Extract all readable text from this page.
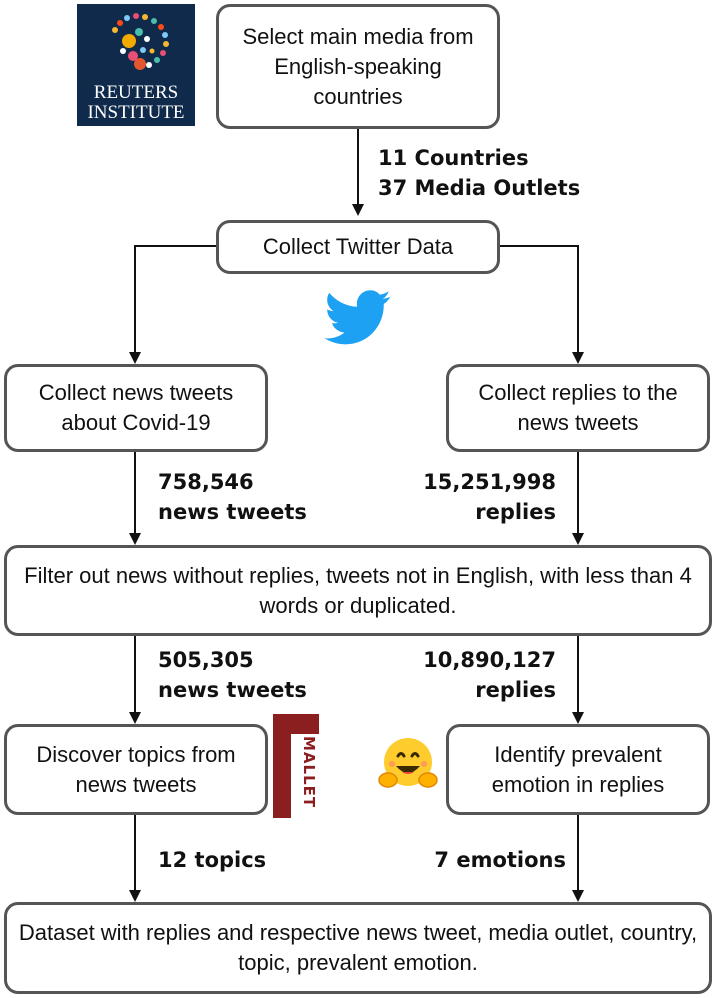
REUTERS
INSTITUTE
Select main media from English-speaking countries
11 Countries
37 Media Outlets
Collect Twitter Data
Collect news tweets about Covid-19
Collect replies to the news tweets
758,546
news tweets
15,251,998
replies
Filter out news without replies, tweets not in English, with less than 4 words or duplicated.
505,305
news tweets
10,890,127
replies
Discover topics from news tweets	MALLET	Identify prevalent emotion in replies
12 topics	7 emotions
Dataset with replies and respective news tweet, media outlet, country, topic, prevalent emotion.
